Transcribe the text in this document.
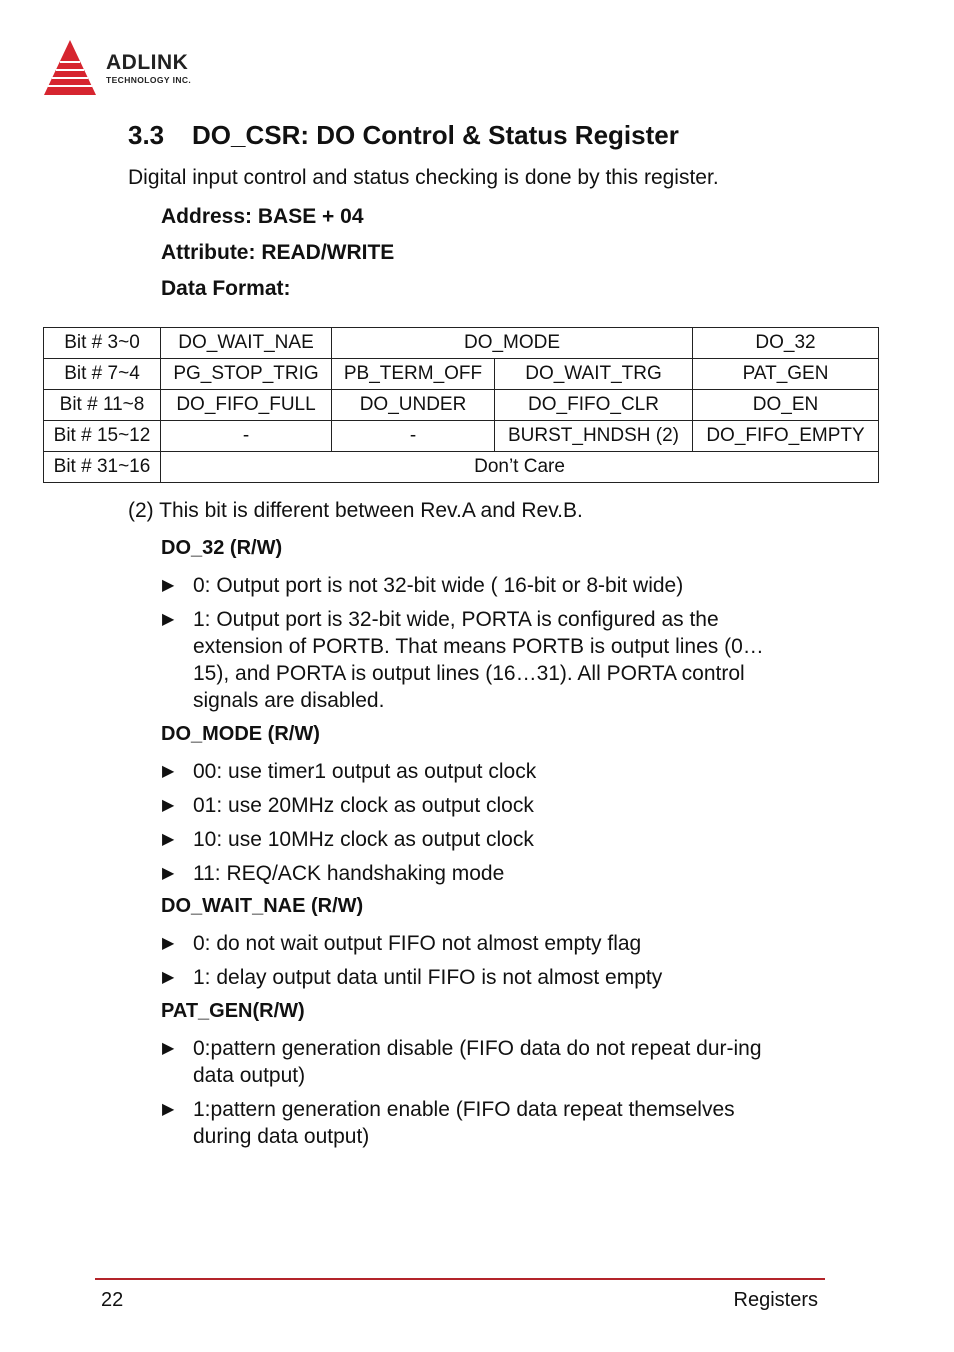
ADLINK
TECHNOLOGY INC.
3.3 DO_CSR: DO Control & Status Register
Digital input control and status checking is done by this register.
Address: BASE + 04
Attribute: READ/WRITE
Data Format:
Bit # 3~0	DO_WAIT_NAE	DO_MODE		DO_32
Bit # 7~4	PG_STOP_TRIG	PB_TERM_OFF	DO_WAIT_TRG	PAT_GEN
Bit # 11~8	DO_FIFO_FULL	DO_UNDER	DO_FIFO_CLR	DO_EN
Bit # 15~12	-	-	BURST_HNDSH (2)	DO_FIFO_EMPTY
Bit # 31~16	Don’t Care			
(2) This bit is different between Rev.A and Rev.B.
DO_32 (R/W)
▶ 0: Output port is not 32-bit wide ( 16-bit or 8-bit wide)
▶ 1: Output port is 32-bit wide, PORTA is configured as the extension of PORTB. That means PORTB is output lines (0…15), and PORTA is output lines (16…31). All PORTA control signals are disabled.
DO_MODE (R/W)
▶ 00: use timer1 output as output clock
▶ 01: use 20MHz clock as output clock
▶ 10: use 10MHz clock as output clock
▶ 11: REQ/ACK handshaking mode
DO_WAIT_NAE (R/W)
▶ 0: do not wait output FIFO not almost empty flag
▶ 1: delay output data until FIFO is not almost empty
PAT_GEN(R/W)
▶ 0:pattern generation disable (FIFO data do not repeat dur-ing data output)
▶ 1:pattern generation enable (FIFO data repeat themselves during data output)
22	Registers
